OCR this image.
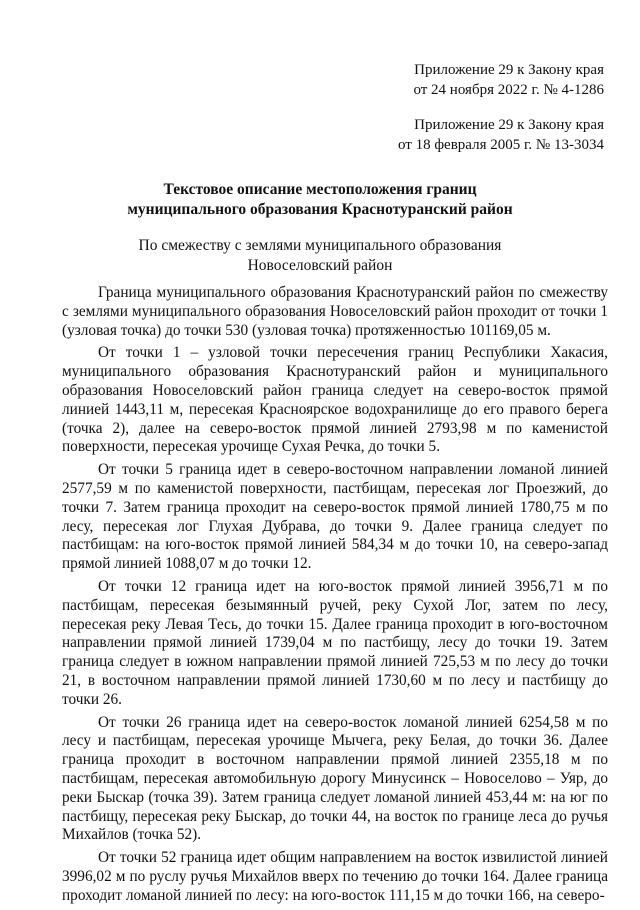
Приложение 29 к Закону края
от 24 ноября 2022 г. № 4-1286
Приложение 29 к Закону края
от 18 февраля 2005 г. № 13-3034
Текстовое описание местоположения границ
муниципального образования Краснотуранский район
По смежеству с землями муниципального образования
Новоселовский район

Граница муниципального образования Краснотуранский район по смежеству с землями муниципального образования Новоселовский район проходит от точки 1 (узловая точка) до точки 530 (узловая точка) протяженностью 101169,05 м.

От точки 1 – узловой точки пересечения границ Республики Хакасия, муниципального образования Краснотуранский район и муниципального образования Новоселовский район граница следует на северо-восток прямой линией 1443,11 м, пересекая Красноярское водохранилище до его правого берега (точка 2), далее на северо-восток прямой линией 2793,98 м по каменистой поверхности, пересекая урочище Сухая Речка, до точки 5.

От точки 5 граница идет в северо-восточном направлении ломаной линией 2577,59 м по каменистой поверхности, пастбищам, пересекая лог Проезжий, до точки 7. Затем граница проходит на северо-восток прямой линией 1780,75 м по лесу, пересекая лог Глухая Дубрава, до точки 9. Далее граница следует по пастбищам: на юго-восток прямой линией 584,34 м до точки 10, на северо-запад прямой линией 1088,07 м до точки 12.

От точки 12 граница идет на юго-восток прямой линией 3956,71 м по пастбищам, пересекая безымянный ручей, реку Сухой Лог, затем по лесу, пересекая реку Левая Тесь, до точки 15. Далее граница проходит в юго-восточном направлении прямой линией 1739,04 м по пастбищу, лесу до точки 19. Затем граница следует в южном направлении прямой линией 725,53 м по лесу до точки 21, в восточном направлении прямой линией 1730,60 м по лесу и пастбищу до точки 26.

От точки 26 граница идет на северо-восток ломаной линией 6254,58 м по лесу и пастбищам, пересекая урочище Мычега, реку Белая, до точки 36. Далее граница проходит в восточном направлении прямой линией 2355,18 м по пастбищам, пересекая автомобильную дорогу Минусинск – Новоселово – Уяр, до реки Быскар (точка 39). Затем граница следует ломаной линией 453,44 м: на юг по пастбищу, пересекая реку Быскар, до точки 44, на восток по границе леса до ручья Михайлов (точка 52).

От точки 52 граница идет общим направлением на восток извилистой линией 3996,02 м по руслу ручья Михайлов вверх по течению до точки 164. Далее граница проходит ломаной линией по лесу: на юго-восток 111,15 м до точки 166, на северо-
